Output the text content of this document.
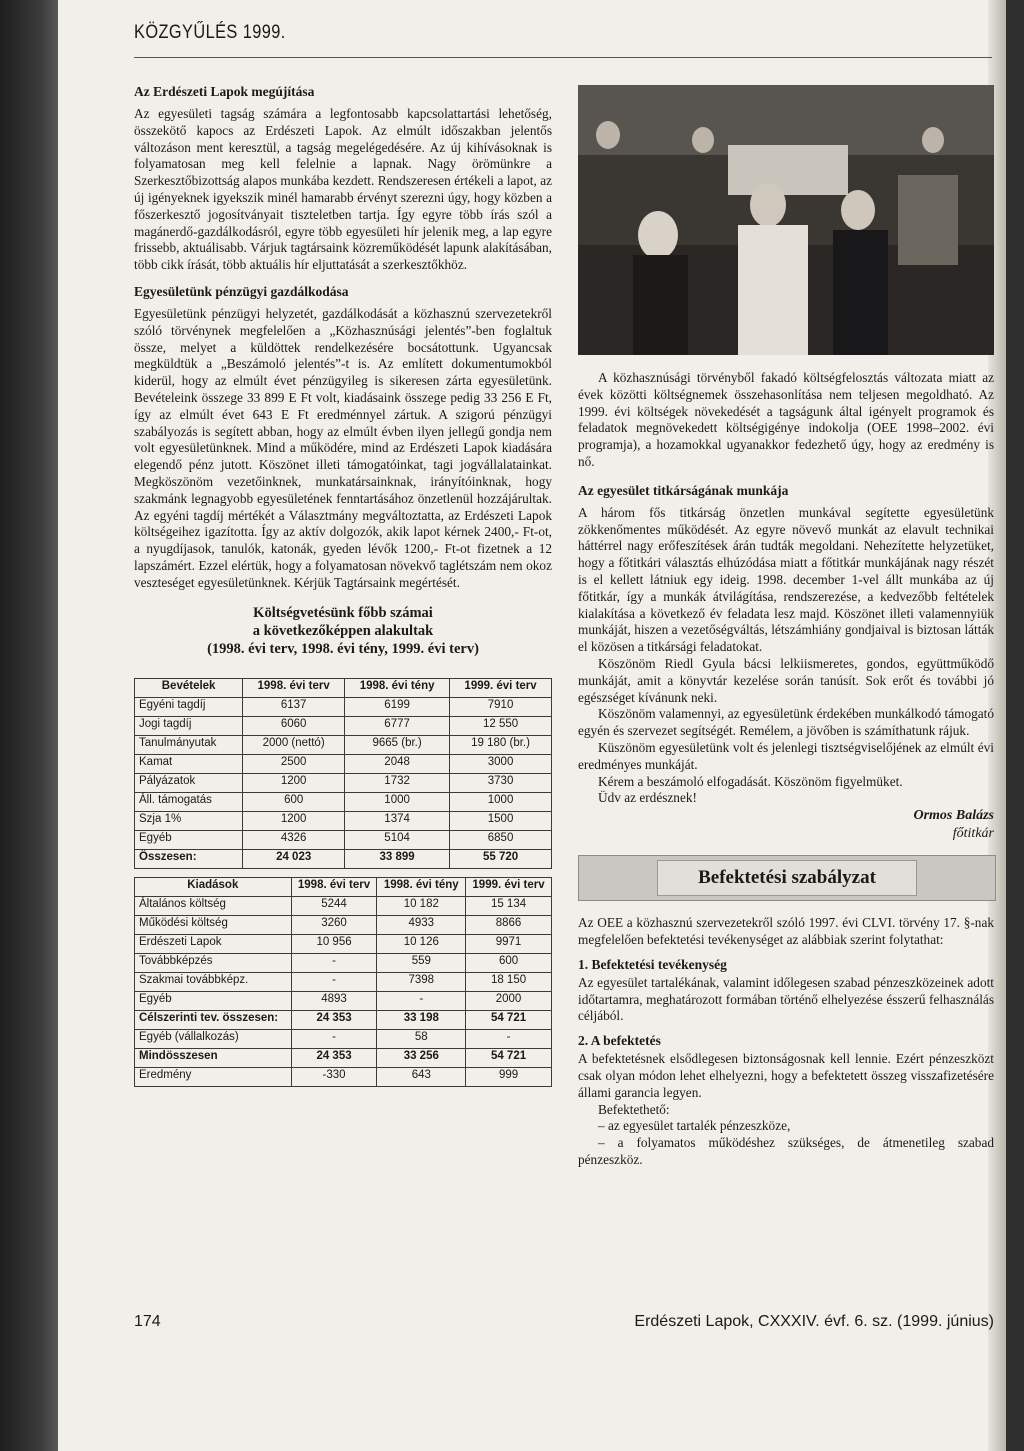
KÖZGYŰLÉS 1999.
Az Erdészeti Lapok megújítása

Az egyesületi tagság számára a legfontosabb kapcsolattartási lehetőség, összekötő kapocs az Erdészeti Lapok. Az elmúlt időszakban jelentős változáson ment keresztül, a tagság megelégedésére. Az új kihívásoknak is folyamatosan meg kell felelnie a lapnak. Nagy örömünkre a Szerkesztőbizottság alapos munkába kezdett. Rendszeresen értékeli a lapot, az új igényeknek igyekszik minél hamarabb érvényt szerezni úgy, hogy közben a főszerkesztő jogosítványait tiszteletben tartja. Így egyre több írás szól a magánerdő-gazdálkodásról, egyre több egyesületi hír jelenik meg, a lap egyre frissebb, aktuálisabb. Várjuk tagtársaink közreműködését lapunk alakításában, több cikk írását, több aktuális hír eljuttatását a szerkesztőkhöz.

Egyesületünk pénzügyi gazdálkodása

Egyesületünk pénzügyi helyzetét, gazdálkodását a közhasznú szervezetekről szóló törvénynek megfelelően a „Közhasznúsági jelentés”-ben foglaltuk össze, melyet a küldöttek rendelkezésére bocsátottunk. Ugyancsak megküldtük a „Beszámoló jelentés”-t is. Az említett dokumentumokból kiderül, hogy az elmúlt évet pénzügyileg is sikeresen zárta egyesületünk. Bevételeink összege 33 899 E Ft volt, kiadásaink összege pedig 33 256 E Ft, így az elmúlt évet 643 E Ft eredménnyel zártuk. A szigorú pénzügyi szabályozás is segített abban, hogy az elmúlt évben ilyen jellegű gondja nem volt egyesületünknek. Mind a működére, mind az Erdészeti Lapok kiadására elegendő pénz jutott. Köszönet illeti támogatóinkat, tagi jogvállalatainkat. Megköszönöm vezetőinknek, munkatársainknak, irányítóinknak, hogy szakmánk legnagyobb egyesületének fenntartásához önzetlenül hozzájárultak. Az egyéni tagdíj mértékét a Választmány megváltoztatta, az Erdészeti Lapok költségeihez igazította. Így az aktív dolgozók, akik lapot kérnek 2400,- Ft-ot, a nyugdíjasok, tanulók, katonák, gyeden lévők 1200,- Ft-ot fizetnek a 12 lapszámért. Ezzel elértük, hogy a folyamatosan növekvő taglétszám nem okoz veszteséget egyesületünknek. Kérjük Tagtársaink megértését.

Költségvetésünk főbb számai
a következőképpen alakultak
(1998. évi terv, 1998. évi tény, 1999. évi terv)
Bevételek	1998. évi terv	1998. évi tény	1999. évi terv
Egyéni tagdíj	6137	6199	7910
Jogi tagdíj	6060	6777	12 550
Tanulmányutak	2000 (nettó)	9665 (br.)	19 180 (br.)
Kamat	2500	2048	3000
Pályázatok	1200	1732	3730
Áll. támogatás	600	1000	1000
Szja 1%	1200	1374	1500
Egyéb	4326	5104	6850
Összesen:	24 023	33 899	55 720
Kiadások	1998. évi terv	1998. évi tény	1999. évi terv
Általános költség	5244	10 182	15 134
Működési költség	3260	4933	8866
Erdészeti Lapok	10 956	10 126	9971
Továbbképzés	-	559	600
Szakmai továbbképz.	-	7398	18 150
Egyéb	4893	-	2000
Célszerinti tev. összesen:	24 353	33 198	54 721
Egyéb (vállalkozás)	-	58	-
Mindösszesen	24 353	33 256	54 721
Eredmény	-330	643	999

A közhasznúsági törvényből fakadó költségfelosztás változata miatt az évek közötti költségnemek összehasonlítása nem teljesen megoldható. Az 1999. évi költségek növekedését a tagságunk által igényelt programok és feladatok megnövekedett költségigénye indokolja (OEE 1998–2002. évi programja), a hozamokkal ugyanakkor fedezhető úgy, hogy az eredmény is nő.

Az egyesület titkárságának munkája

A három fős titkárság önzetlen munkával segítette egyesületünk zökkenőmentes működését. Az egyre növevő munkát az elavult technikai háttérrel nagy erőfeszítések árán tudták megoldani. Nehezítette helyzetüket, hogy a főtitkári választás elhúzódása miatt a főtitkár munkájának nagy részét is el kellett látniuk egy ideig. 1998. december 1-vel állt munkába az új főtitkár, így a munkák átvilágítása, rendszerezése, a kedvezőbb feltételek kialakítása a következő év feladata lesz majd. Köszönet illeti valamennyiük munkáját, hiszen a vezetőségváltás, létszámhiány gondjaival is biztosan látták el közösen a titkársági feladatokat.

Köszönöm Riedl Gyula bácsi lelkiismeretes, gondos, együttműködő munkáját, amit a könyvtár kezelése során tanúsít. Sok erőt és további jó egészséget kívánunk neki.

Köszönöm valamennyi, az egyesületünk érdekében munkálkodó támogató egyén és szervezet segítségét. Remélem, a jövőben is számíthatunk rájuk.

Küszönöm egyesületünk volt és jelenlegi tisztségviselőjének az elmúlt évi eredményes munkáját.

Kérem a beszámoló elfogadását. Köszönöm figyelmüket.

Üdv az erdésznek!

Ormos Balázs
főtitkár
Befektetési szabályzat

Az OEE a közhasznú szervezetekről szóló 1997. évi CLVI. törvény 17. §-nak megfelelően befektetési tevékenységet az alábbiak szerint folytathat:

1. Befektetési tevékenység

Az egyesület tartalékának, valamint időlegesen szabad pénzeszközeinek adott időtartamra, meghatározott formában történő elhelyezése ésszerű felhasználás céljából.

2. A befektetés

A befektetésnek elsődlegesen biztonságosnak kell lennie. Ezért pénzeszközt csak olyan módon lehet elhelyezni, hogy a befektetett összeg visszafizetésére állami garancia legyen.

Befektethető:

– az egyesület tartalék pénzeszköze,

– a folyamatos működéshez szükséges, de átmenetileg szabad pénzeszköz.

174	Erdészeti Lapok, CXXXIV. évf. 6. sz. (1999. június)
